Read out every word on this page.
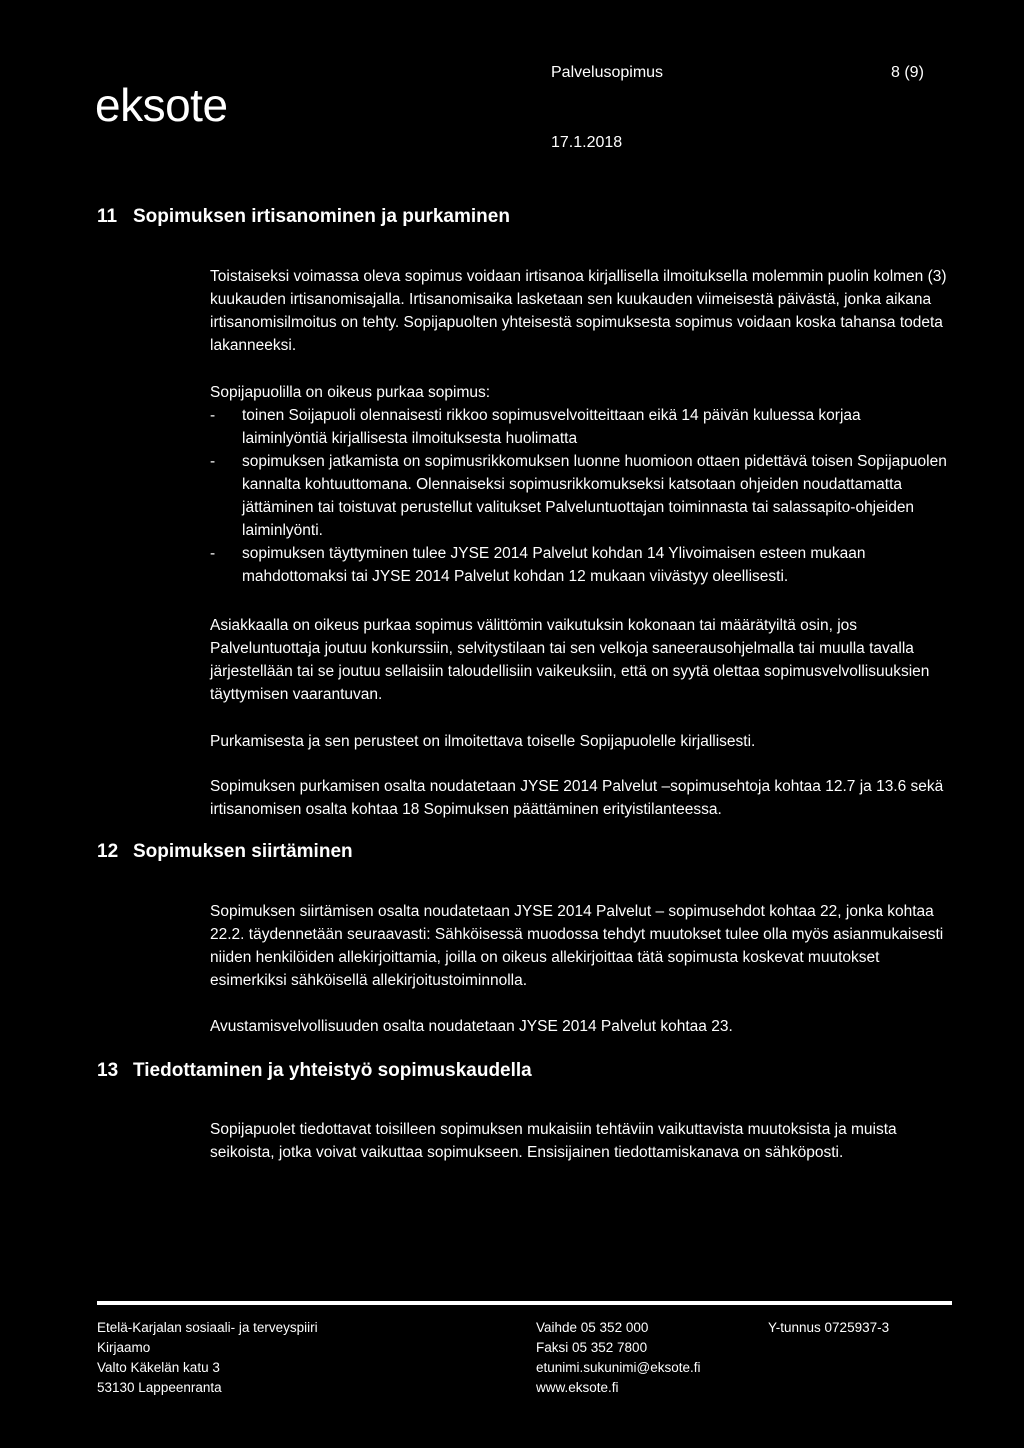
eksote
Palvelusopimus	8 (9)
17.1.2018
11 Sopimuksen irtisanominen ja purkaminen
Toistaiseksi voimassa oleva sopimus voidaan irtisanoa kirjallisella ilmoituksella molemmin puolin kolmen (3) kuukauden irtisanomisajalla. Irtisanomisaika lasketaan sen kuukauden viimeisestä päivästä, jonka aikana irtisanomisilmoitus on tehty. Sopijapuolten yhteisestä sopimuksesta sopimus voidaan koska tahansa todeta lakanneeksi.
Sopijapuolilla on oikeus purkaa sopimus:
- toinen Soijapuoli olennaisesti rikkoo sopimusvelvoitteittaan eikä 14 päivän kuluessa korjaa laiminlyöntiä kirjallisesta ilmoituksesta huolimatta
- sopimuksen jatkamista on sopimusrikkomuksen luonne huomioon ottaen pidettävä toisen Sopijapuolen kannalta kohtuuttomana. Olennaiseksi sopimusrikkomukseksi katsotaan ohjeiden noudattamatta jättäminen tai toistuvat perustellut valitukset Palveluntuottajan toiminnasta tai salassapito-ohjeiden laiminlyönti.
- sopimuksen täyttyminen tulee JYSE 2014 Palvelut kohdan 14 Ylivoimaisen esteen mukaan mahdottomaksi tai JYSE 2014 Palvelut kohdan 12 mukaan viivästyy oleellisesti.
Asiakkaalla on oikeus purkaa sopimus välittömin vaikutuksin kokonaan tai määrätyiltä osin, jos Palveluntuottaja joutuu konkurssiin, selvitystilaan tai sen velkoja saneerausohjelmalla tai muulla tavalla järjestellään tai se joutuu sellaisiin taloudellisiin vaikeuksiin, että on syytä olettaa sopimusvelvollisuuksien täyttymisen vaarantuvan.
Purkamisesta ja sen perusteet on ilmoitettava toiselle Sopijapuolelle kirjallisesti.
Sopimuksen purkamisen osalta noudatetaan JYSE 2014 Palvelut –sopimusehtoja kohtaa 12.7 ja 13.6 sekä irtisanomisen osalta kohtaa 18 Sopimuksen päättäminen erityistilanteessa.
12 Sopimuksen siirtäminen
Sopimuksen siirtämisen osalta noudatetaan JYSE 2014 Palvelut – sopimusehdot kohtaa 22, jonka kohtaa 22.2. täydennetään seuraavasti: Sähköisessä muodossa tehdyt muutokset tulee olla myös asianmukaisesti niiden henkilöiden allekirjoittamia, joilla on oikeus allekirjoittaa tätä sopimusta koskevat muutokset esimerkiksi sähköisellä allekirjoitustoiminnolla.
Avustamisvelvollisuuden osalta noudatetaan JYSE 2014 Palvelut kohtaa 23.
13 Tiedottaminen ja yhteistyö sopimuskaudella
Sopijapuolet tiedottavat toisilleen sopimuksen mukaisiin tehtäviin vaikuttavista muutoksista ja muista seikoista, jotka voivat vaikuttaa sopimukseen. Ensisijainen tiedottamiskanava on sähköposti.
Etelä-Karjalan sosiaali- ja terveyspiiri
Kirjaamo
Valto Käkelän katu 3
53130 Lappeenranta
Vaihde 05 352 000
Faksi 05 352 7800
etunimi.sukunimi@eksote.fi
www.eksote.fi
Y-tunnus 0725937-3
